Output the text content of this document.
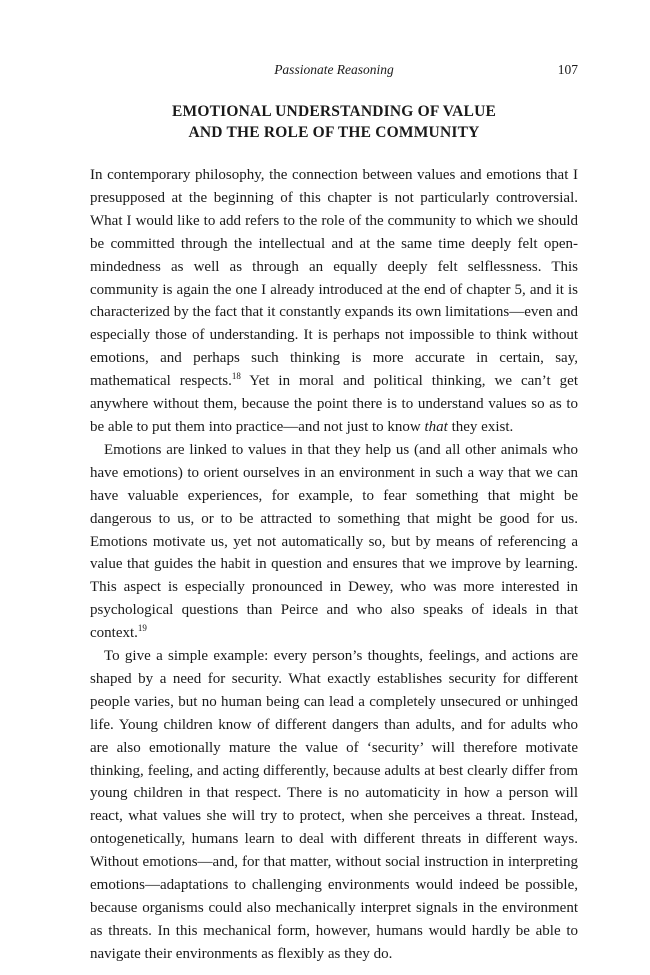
Passionate Reasoning	107
EMOTIONAL UNDERSTANDING OF VALUE
AND THE ROLE OF THE COMMUNITY

In contemporary philosophy, the connection between values and emotions that I presupposed at the beginning of this chapter is not particularly controversial. What I would like to add refers to the role of the community to which we should be committed through the intellectual and at the same time deeply felt open-mindedness as well as through an equally deeply felt selflessness. This community is again the one I already introduced at the end of chapter 5, and it is characterized by the fact that it constantly expands its own limitations—even and especially those of understanding. It is perhaps not impossible to think without emotions, and perhaps such thinking is more accurate in certain, say, mathematical respects.$^{18}$ Yet in moral and political thinking, we can’t get anywhere without them, because the point there is to understand values so as to be able to put them into practice—and not just to know that they exist.

Emotions are linked to values in that they help us (and all other animals who have emotions) to orient ourselves in an environment in such a way that we can have valuable experiences, for example, to fear something that might be dangerous to us, or to be attracted to something that might be good for us. Emotions motivate us, yet not automatically so, but by means of referencing a value that guides the habit in question and ensures that we improve by learning. This aspect is especially pronounced in Dewey, who was more interested in psychological questions than Peirce and who also speaks of ideals in that context.$^{19}$

To give a simple example: every person’s thoughts, feelings, and actions are shaped by a need for security. What exactly establishes security for different people varies, but no human being can lead a completely unsecured or unhinged life. Young children know of different dangers than adults, and for adults who are also emotionally mature the value of ‘security’ will therefore motivate thinking, feeling, and acting differently, because adults at best clearly differ from young children in that respect. There is no automaticity in how a person will react, what values she will try to protect, when she perceives a threat. Instead, ontogenetically, humans learn to deal with different threats in different ways. Without emotions—and, for that matter, without social instruction in interpreting emotions—adaptations to challenging environments would indeed be possible, because organisms could also mechanically interpret signals in the environment as threats. In this mechanical form, however, humans would hardly be able to navigate their environments as flexibly as they do.
